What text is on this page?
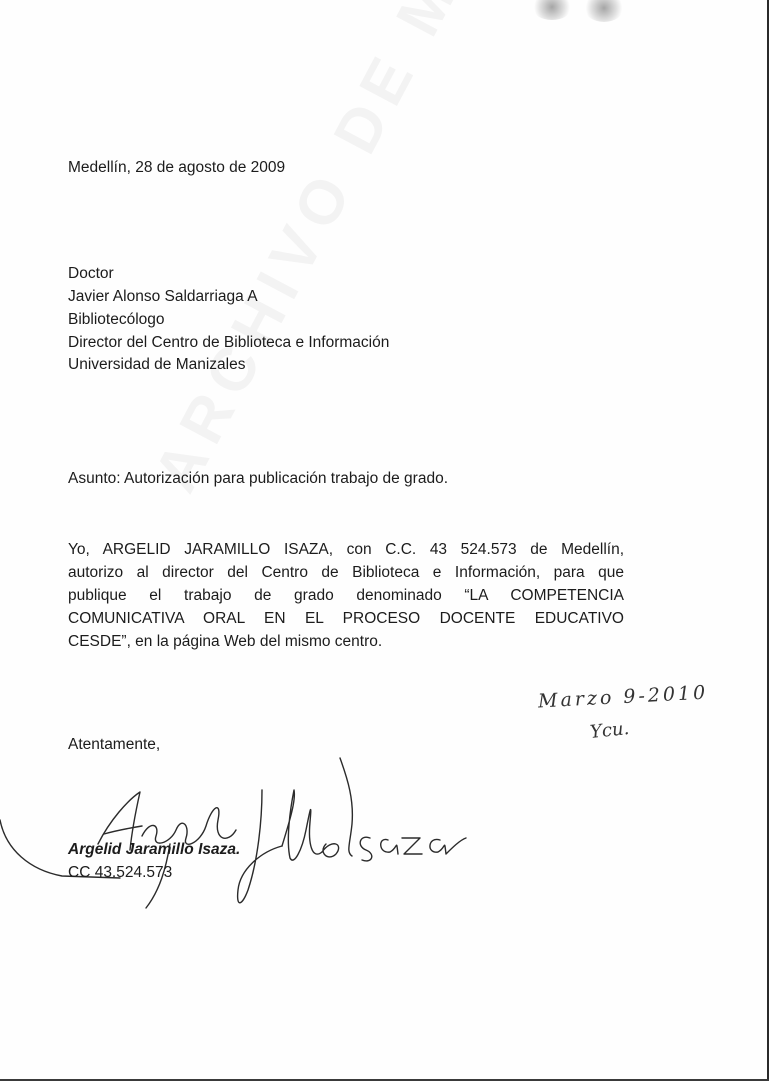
Medellín, 28 de agosto de 2009
Doctor
Javier Alonso Saldarriaga A
Bibliotecólogo
Director del Centro de Biblioteca e Información
Universidad de Manizales
Asunto: Autorización para publicación trabajo de grado.
Yo, ARGELID JARAMILLO ISAZA, con C.C. 43 524.573 de Medellín,
autorizo al director del Centro de Biblioteca e Información, para que
publique el trabajo de grado denominado “LA COMPETENCIA
COMUNICATIVA ORAL EN EL PROCESO DOCENTE EDUCATIVO
CESDE”, en la página Web del mismo centro.
Marzo 9-2010
Ycu.
Atentamente,
Argelid Jaramillo Isaza.
CC 43.524.573
